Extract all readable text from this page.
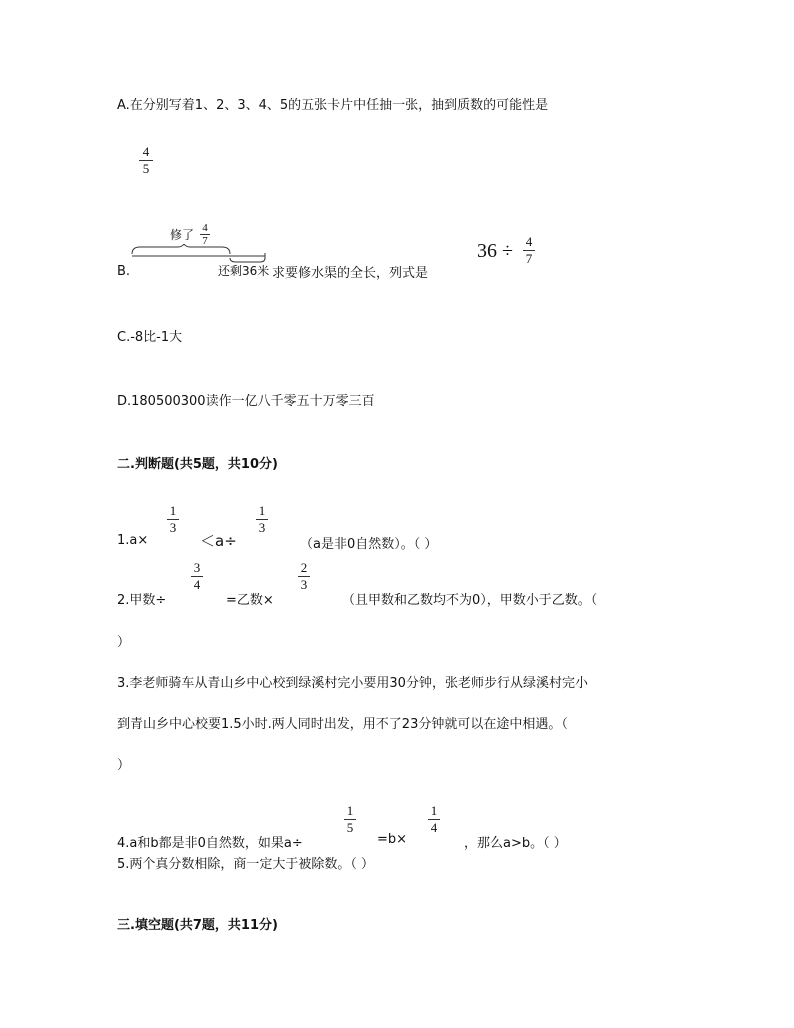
A.在分别写着1、2、3、4、5的五张卡片中任抽一张，抽到质数的可能性是
4
5
B.
修了 4
7
还剩36米 求要修水渠的全长，列式是
36 ÷ 4
7
C.-8比-1大
D.180500300读作一亿八千零五十万零三百
二.判断题(共5题，共10分)
1.a×
1
3
＜a÷
1
3
（a是非0自然数）。（ ）
2.甲数÷
3
4
=乙数×
2
3
（且甲数和乙数均不为0），甲数小于乙数。（
）
3.李老师骑车从青山乡中心校到绿溪村完小要用30分钟，张老师步行从绿溪村完小
到青山乡中心校要1.5小时.两人同时出发，用不了23分钟就可以在途中相遇。（
）
4.a和b都是非0自然数，如果a÷
1
5
=b×
1
4
，那么a>b。（ ）
5.两个真分数相除，商一定大于被除数。（ ）
三.填空题(共7题，共11分)
